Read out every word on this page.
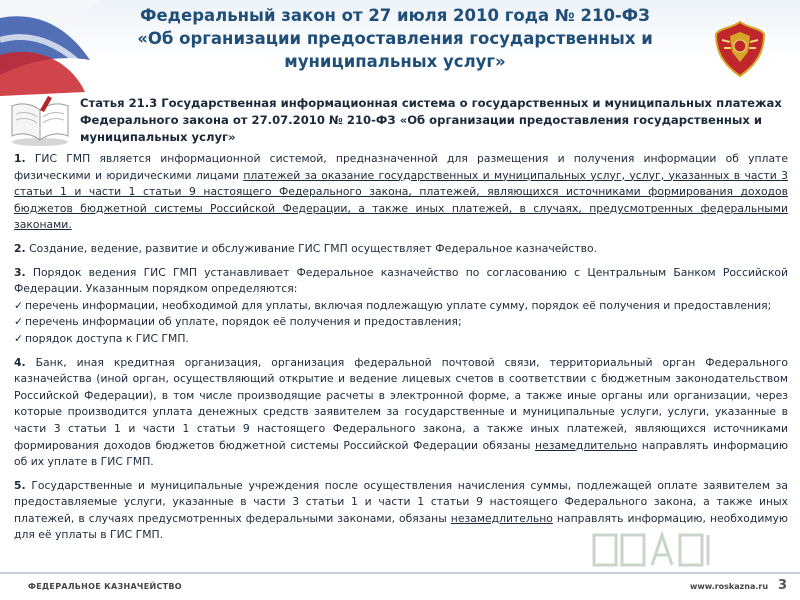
Федеральный закон от 27 июля 2010 года № 210-ФЗ
«Об организации предоставления государственных и
муниципальных услуг»
Статья 21.3 Государственная информационная система о государственных и муниципальных платежах Федерального закона от 27.07.2010 № 210-ФЗ «Об организации предоставления государственных и муниципальных услуг»

1. ГИС ГМП является информационной системой, предназначенной для размещения и получения информации об уплате физическими и юридическими лицами платежей за оказание государственных и муниципальных услуг, услуг, указанных в части 3 статьи 1 и части 1 статьи 9 настоящего Федерального закона, платежей, являющихся источниками формирования доходов бюджетов бюджетной системы Российской Федерации, а также иных платежей, в случаях, предусмотренных федеральными законами.

2. Создание, ведение, развитие и обслуживание ГИС ГМП осуществляет Федеральное казначейство.

3. Порядок ведения ГИС ГМП устанавливает Федеральное казначейство по согласованию с Центральным Банком Российской Федерации. Указанным порядком определяются:

✓ перечень информации, необходимой для уплаты, включая подлежащую уплате сумму, порядок её получения и предоставления;
✓ перечень информации об уплате, порядок её получения и предоставления;
✓ порядок доступа к ГИС ГМП.

4. Банк, иная кредитная организация, организация федеральной почтовой связи, территориальный орган Федерального казначейства (иной орган, осуществляющий открытие и ведение лицевых счетов в соответствии с бюджетным законодательством Российской Федерации), в том числе производящие расчеты в электронной форме, а также иные органы или организации, через которые производится уплата денежных средств заявителем за государственные и муниципальные услуги, услуги, указанные в части 3 статьи 1 и части 1 статьи 9 настоящего Федерального закона, а также иных платежей, являющихся источниками формирования доходов бюджетов бюджетной системы Российской Федерации обязаны незамедлительно направлять информацию об их уплате в ГИС ГМП.

5. Государственные и муниципальные учреждения после осуществления начисления суммы, подлежащей оплате заявителем за предоставляемые услуги, указанные в части 3 статьи 1 и части 1 статьи 9 настоящего Федерального закона, а также иных платежей, в случаях предусмотренных федеральными законами, обязаны незамедлительно направлять информацию, необходимую для её уплаты в ГИС ГМП.

ФЕДЕРАЛЬНОЕ КАЗНАЧЕЙСТВО	www.roskazna.ru 3
